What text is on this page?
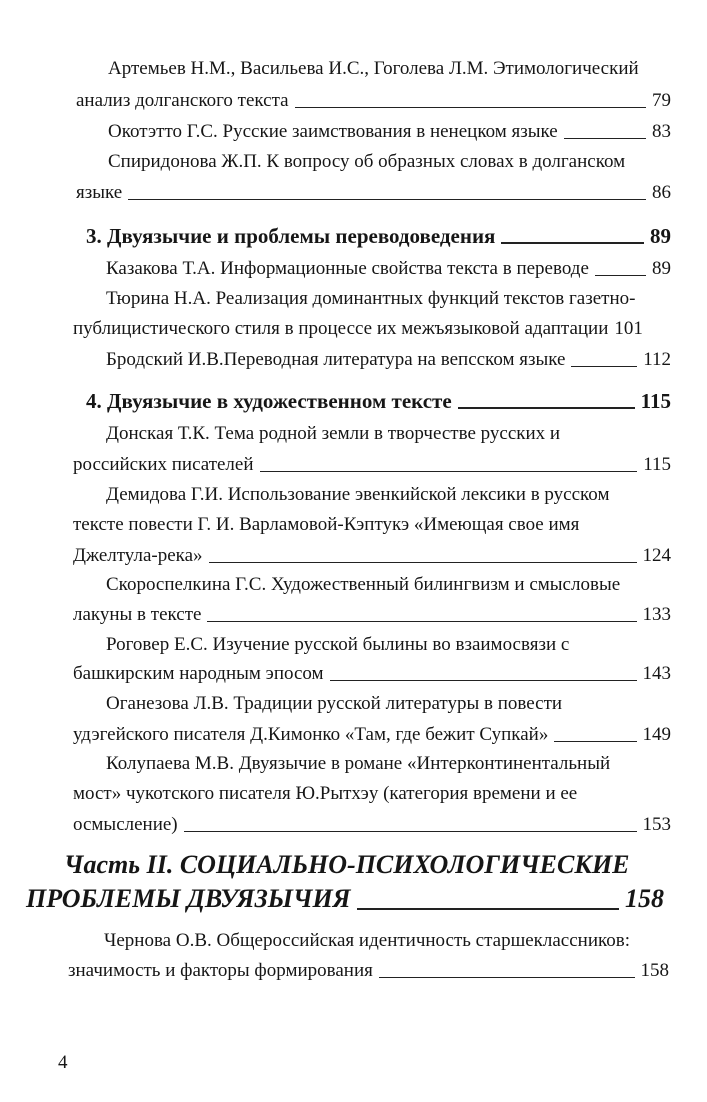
Артемьев Н.М., Васильева И.С., Гоголева Л.М. Этимологический
анализ долганского текста	79
Окотэтто Г.С. Русские заимствования в ненецком языке	83
Спиридонова Ж.П. К вопросу об образных словах в долганском
языке	86
3. Двуязычие и проблемы переводоведения	89
Казакова Т.А. Информационные свойства текста в переводе	89
Тюрина Н.А. Реализация доминантных функций текстов газетно-
публицистического стиля в процессе их межъязыковой адаптации 101
Бродский И.В.Переводная литература на вепсском языке	112
4. Двуязычие в художественном тексте	115
Донская Т.К. Тема родной земли в творчестве русских и
российских писателей	115
Демидова Г.И. Использование эвенкийской лексики в русском
тексте повести Г. И. Варламовой-Кэптукэ «Имеющая свое имя
Джелтула-река»	124
Скороспелкина Г.С. Художественный билингвизм и смысловые
лакуны в тексте	133
Роговер Е.С. Изучение русской былины во взаимосвязи с
башкирским народным эпосом	143
Оганезова Л.В. Традиции русской литературы в повести
удэгейского писателя Д.Кимонко «Там, где бежит Супкай»	149
Колупаева М.В. Двуязычие в романе «Интерконтинентальный
мост» чукотского писателя Ю.Рытхэу (категория времени и ее
осмысление)	153
Часть II. СОЦИАЛЬНО-ПСИХОЛОГИЧЕСКИЕ
ПРОБЛЕМЫ ДВУЯЗЫЧИЯ	158
Чернова О.В. Общероссийская идентичность старшеклассников:
значимость и факторы формирования	158
4
